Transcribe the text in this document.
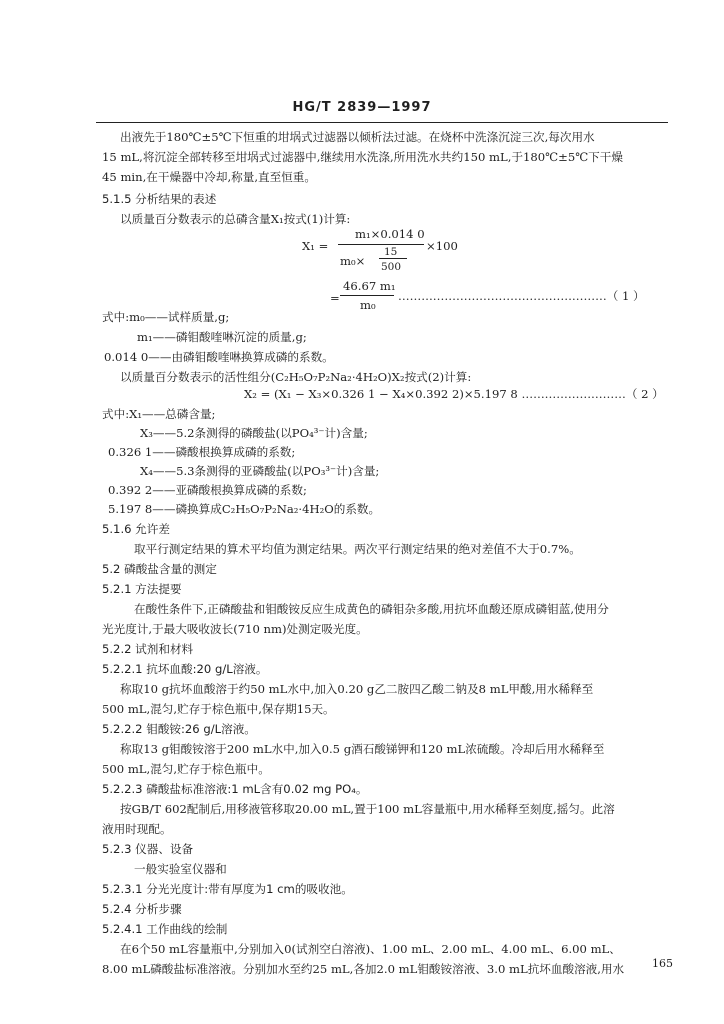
HG/T 2839—1997
出液先于180℃±5℃下恒重的坩埚式过滤器以倾析法过滤。在烧杯中洗涤沉淀三次,每次用水
15 mL,将沉淀全部转移至坩埚式过滤器中,继续用水洗涤,所用洗水共约150 mL,于180℃±5℃下干燥
45 min,在干燥器中冷却,称量,直至恒重。
5.1.5 分析结果的表述
以质量百分数表示的总磷含量X₁按式(1)计算:
X₁ =
m₁×0.014 0
m₀×
15
500
×100
=
46.67 m₁
m₀
………………………………………………（ 1 ）
式中:m₀——试样质量,g;
m₁——磷钼酸喹啉沉淀的质量,g;
0.014 0——由磷钼酸喹啉换算成磷的系数。
以质量百分数表示的活性组分(C₂H₅O₇P₂Na₂·4H₂O)X₂按式(2)计算:
X₂ = (X₁ − X₃×0.326 1 − X₄×0.392 2)×5.197 8 ………………………（ 2 ）
式中:X₁——总磷含量;
X₃——5.2条测得的磷酸盐(以PO₄³⁻计)含量;
0.326 1——磷酸根换算成磷的系数;
X₄——5.3条测得的亚磷酸盐(以PO₃³⁻计)含量;
0.392 2——亚磷酸根换算成磷的系数;
5.197 8——磷换算成C₂H₅O₇P₂Na₂·4H₂O的系数。
5.1.6 允许差
取平行测定结果的算术平均值为测定结果。两次平行测定结果的绝对差值不大于0.7%。
5.2 磷酸盐含量的测定
5.2.1 方法提要
在酸性条件下,正磷酸盐和钼酸铵反应生成黄色的磷钼杂多酸,用抗坏血酸还原成磷钼蓝,使用分
光光度计,于最大吸收波长(710 nm)处测定吸光度。
5.2.2 试剂和材料
5.2.2.1 抗坏血酸:20 g/L溶液。
称取10 g抗坏血酸溶于约50 mL水中,加入0.20 g乙二胺四乙酸二钠及8 mL甲酸,用水稀释至
500 mL,混匀,贮存于棕色瓶中,保存期15天。
5.2.2.2 钼酸铵:26 g/L溶液。
称取13 g钼酸铵溶于200 mL水中,加入0.5 g酒石酸锑钾和120 mL浓硫酸。冷却后用水稀释至
500 mL,混匀,贮存于棕色瓶中。
5.2.2.3 磷酸盐标准溶液:1 mL含有0.02 mg PO₄。
按GB/T 602配制后,用移液管移取20.00 mL,置于100 mL容量瓶中,用水稀释至刻度,摇匀。此溶
液用时现配。
5.2.3 仪器、设备
一般实验室仪器和
5.2.3.1 分光光度计:带有厚度为1 cm的吸收池。
5.2.4 分析步骤
5.2.4.1 工作曲线的绘制
在6个50 mL容量瓶中,分别加入0(试剂空白溶液)、1.00 mL、2.00 mL、4.00 mL、6.00 mL、
8.00 mL磷酸盐标准溶液。分别加水至约25 mL,各加2.0 mL钼酸铵溶液、3.0 mL抗坏血酸溶液,用水	165
